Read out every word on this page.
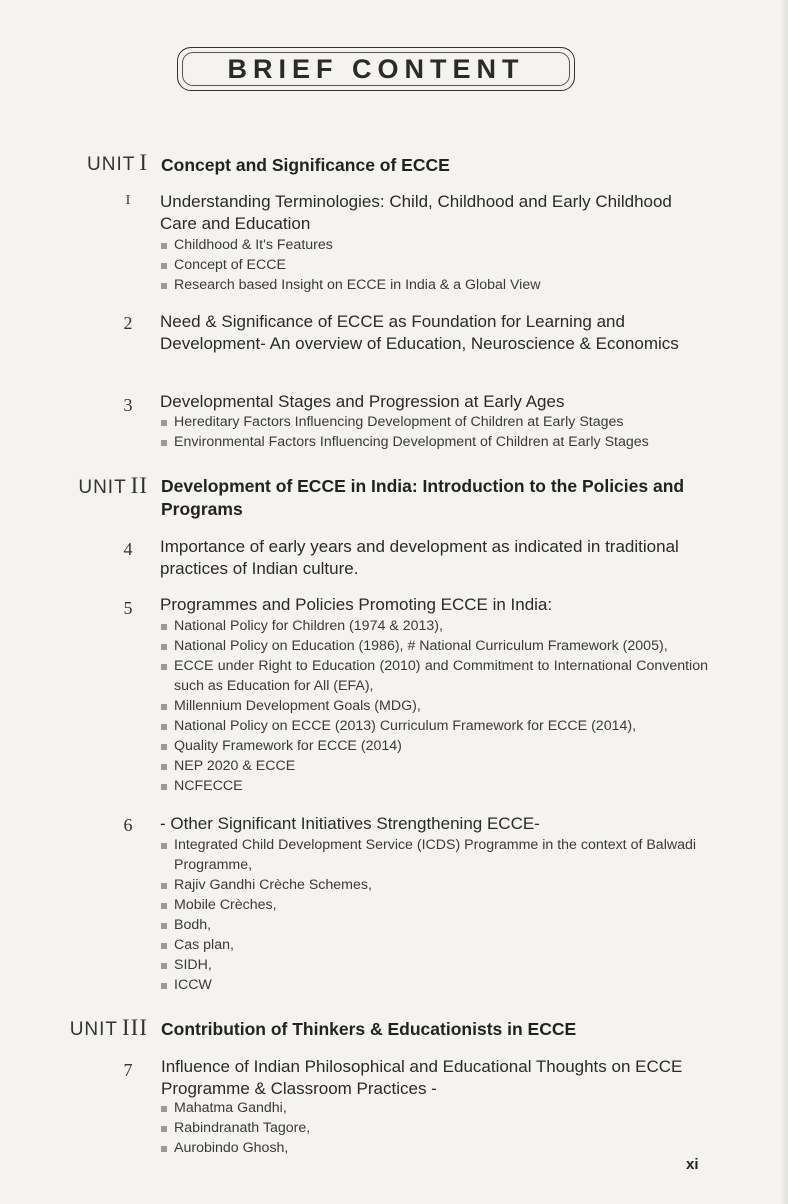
BRIEF CONTENT
UNIT I Concept and Significance of ECCE
I	Understanding Terminologies: Child, Childhood and Early Childhood Care and Education
Childhood & It's Features
Concept of ECCE
Research based Insight on ECCE in India & a Global View
2	Need & Significance of ECCE as Foundation for Learning and Development- An overview of Education, Neuroscience & Economics
3	Developmental Stages and Progression at Early Ages
Hereditary Factors Influencing Development of Children at Early Stages
Environmental Factors Influencing Development of Children at Early Stages
UNIT II Development of ECCE in India: Introduction to the Policies and Programs
4	Importance of early years and development as indicated in traditional practices of Indian culture.
5	Programmes and Policies Promoting ECCE in India:
National Policy for Children (1974 & 2013),
National Policy on Education (1986), # National Curriculum Framework (2005),
ECCE under Right to Education (2010) and Commitment to International Convention such as Education for All (EFA),
Millennium Development Goals (MDG),
National Policy on ECCE (2013) Curriculum Framework for ECCE (2014),
Quality Framework for ECCE (2014)
NEP 2020 & ECCE
NCFECCE
6	- Other Significant Initiatives Strengthening ECCE-
Integrated Child Development Service (ICDS) Programme in the context of Balwadi Programme,
Rajiv Gandhi Crèche Schemes,
Mobile Crèches,
Bodh,
Cas plan,
SIDH,
ICCW
UNIT III Contribution of Thinkers & Educationists in ECCE
7	Influence of Indian Philosophical and Educational Thoughts on ECCE Programme & Classroom Practices -
Mahatma Gandhi,
Rabindranath Tagore,
Aurobindo Ghosh,
xi
